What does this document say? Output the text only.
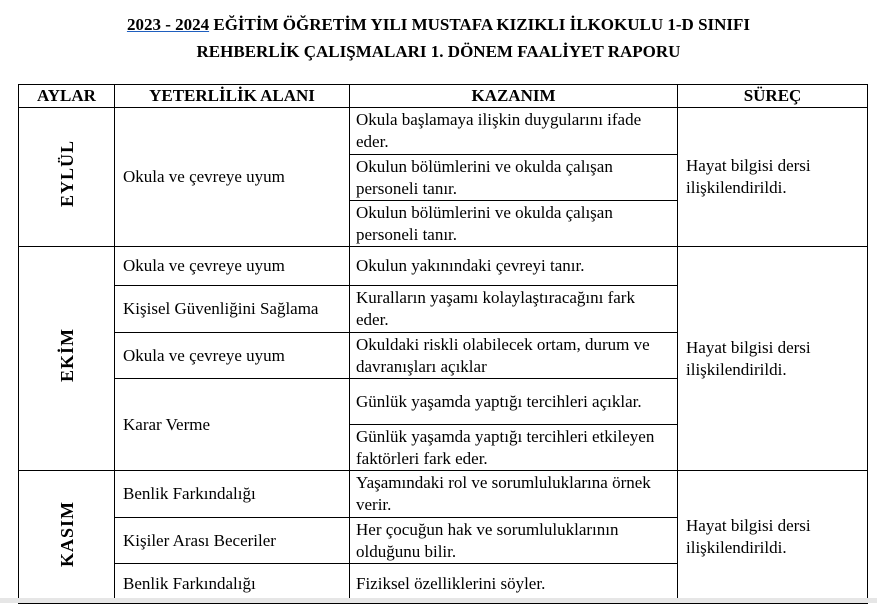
2023 - 2024 EĞİTİM ÖĞRETİM YILI MUSTAFA KIZIKLI İLKOKULU 1-D SINIFI
REHBERLİK ÇALIŞMALARI 1. DÖNEM FAALİYET RAPORU
AYLAR	YETERLİLİK ALANI	KAZANIM	SÜREÇ
EYLÜL	Okula ve çevreye uyum	Okula başlamaya ilişkin duygularını ifade eder.	Hayat bilgisi dersi ilişkilendirildi.
		Okulun bölümlerini ve okulda çalışan personeli tanır.	
		Okulun bölümlerini ve okulda çalışan personeli tanır.	
EKİM	Okula ve çevreye uyum	Okulun yakınındaki çevreyi tanır.	Hayat bilgisi dersi ilişkilendirildi.
	Kişisel Güvenliğini Sağlama	Kuralların yaşamı kolaylaştıracağını fark eder.	
	Okula ve çevreye uyum	Okuldaki riskli olabilecek ortam, durum ve davranışları açıklar	
	Karar Verme	Günlük yaşamda yaptığı tercihleri açıklar.	
		Günlük yaşamda yaptığı tercihleri etkileyen faktörleri fark eder.	
KASIM	Benlik Farkındalığı	Yaşamındaki rol ve sorumluluklarına örnek verir.	Hayat bilgisi dersi ilişkilendirildi.
	Kişiler Arası Beceriler	Her çocuğun hak ve sorumluluklarının olduğunu bilir.	
	Benlik Farkındalığı	Fiziksel özelliklerini söyler.	
